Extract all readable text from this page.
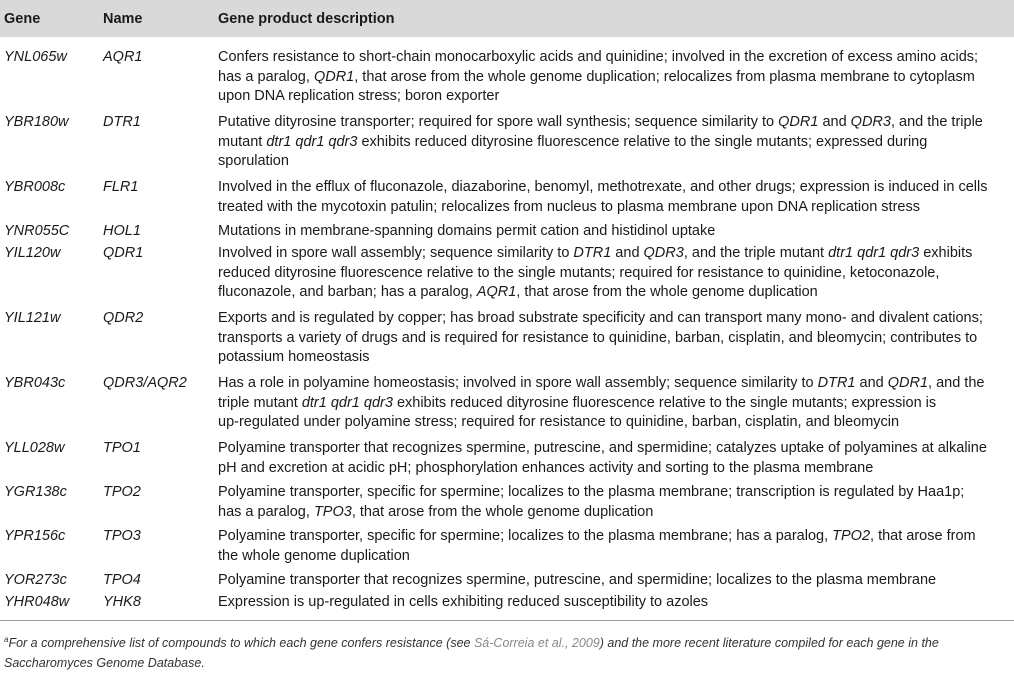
Gene	Name	Gene product description
YNL065w AQR1	Confers resistance to short-chain monocarboxylic acids and quinidine; involved in the excretion of excess amino acids;
has a paralog, QDR1, that arose from the whole genome duplication; relocalizes from plasma membrane to cytoplasm
upon DNA replication stress; boron exporter
YBR180w DTR1	Putative dityrosine transporter; required for spore wall synthesis; sequence similarity to QDR1 and QDR3, and the triple
mutant dtr1 qdr1 qdr3 exhibits reduced dityrosine fluorescence relative to the single mutants; expressed during
sporulation
YBR008c	FLR1	Involved in the efflux of fluconazole, diazaborine, benomyl, methotrexate, and other drugs; expression is induced in cells
treated with the mycotoxin patulin; relocalizes from nucleus to plasma membrane upon DNA replication stress
YNR055C HOL1	Mutations in membrane-spanning domains permit cation and histidinol uptake
YIL120w	QDR1	Involved in spore wall assembly; sequence similarity to DTR1 and QDR3, and the triple mutant dtr1 qdr1 qdr3 exhibits
reduced dityrosine fluorescence relative to the single mutants; required for resistance to quinidine, ketoconazole,
fluconazole, and barban; has a paralog, AQR1, that arose from the whole genome duplication
YIL121w	QDR2	Exports and is regulated by copper; has broad substrate specificity and can transport many mono- and divalent cations;
transports a variety of drugs and is required for resistance to quinidine, barban, cisplatin, and bleomycin; contributes to
potassium homeostasis
YBR043c	QDR3/AQR2 Has a role in polyamine homeostasis; involved in spore wall assembly; sequence similarity to DTR1 and QDR1, and the
triple mutant dtr1 qdr1 qdr3 exhibits reduced dityrosine fluorescence relative to the single mutants; expression is
up-regulated under polyamine stress; required for resistance to quinidine, barban, cisplatin, and bleomycin
YLL028w	TPO1	Polyamine transporter that recognizes spermine, putrescine, and spermidine; catalyzes uptake of polyamines at alkaline
pH and excretion at acidic pH; phosphorylation enhances activity and sorting to the plasma membrane
YGR138c TPO2	Polyamine transporter, specific for spermine; localizes to the plasma membrane; transcription is regulated by Haa1p;
has a paralog, TPO3, that arose from the whole genome duplication
YPR156c	TPO3	Polyamine transporter, specific for spermine; localizes to the plasma membrane; has a paralog, TPO2, that arose from
the whole genome duplication
YOR273c TPO4	Polyamine transporter that recognizes spermine, putrescine, and spermidine; localizes to the plasma membrane
YHR048w YHK8	Expression is up-regulated in cells exhibiting reduced susceptibility to azoles
$^a$For a comprehensive list of compounds to which each gene confers resistance (see Sá-Correia et al., 2009) and the more recent literature compiled for each gene in the Saccharomyces Genome Database.
